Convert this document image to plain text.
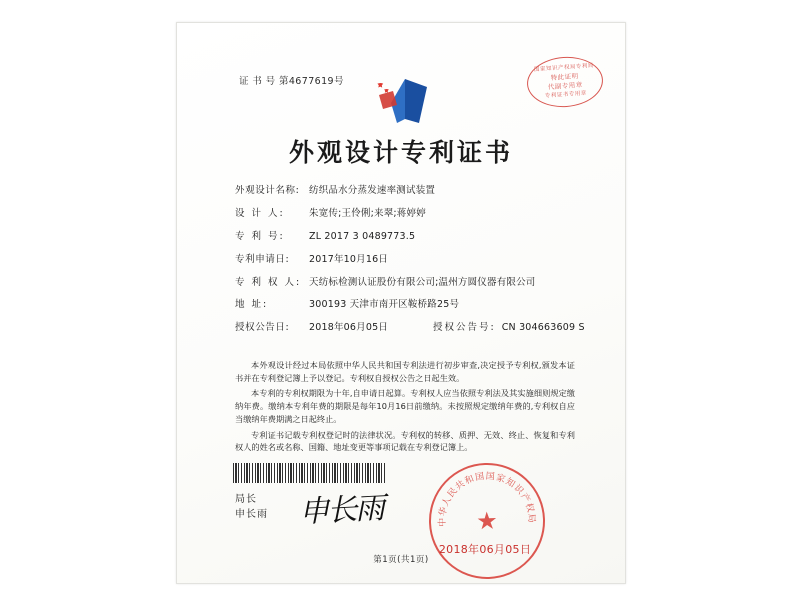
证 书 号 第4677619号
国家知识产权局专利局
特此证明
代副专用章
专利证书专用章
外观设计专利证书
外观设计名称:	纺织品水分蒸发速率测试装置
设 计 人:	朱宽传;王伶俐;来翠;蒋婷婷
专 利 号:	ZL 2017 3 0489773.5
专利申请日:	2017年10月16日
专 利 权 人: 天纺标检测认证股份有限公司;温州方圆仪器有限公司
地 址:	300193 天津市南开区鞍桥路25号
授权公告日:	2018年06月05日	授权公告号: CN 304663609 S

本外观设计经过本局依照中华人民共和国专利法进行初步审查,决定授予专利权,颁发本证书并在专利登记簿上予以登记。专利权自授权公告之日起生效。

本专利的专利权期限为十年,自申请日起算。专利权人应当依照专利法及其实施细则规定缴纳年费。缴纳本专利年费的期限是每年10月16日前缴纳。未按照规定缴纳年费的,专利权自应当缴纳年费期满之日起终止。

专利证书记载专利权登记时的法律状况。专利权的转移、质押、无效、终止、恢复和专利权人的姓名或名称、国籍、地址变更等事项记载在专利登记簿上。

局长
申长雨 申长雨	中华人民共和国国家知识产权局
★
2018年06月05日
第1页(共1页)
